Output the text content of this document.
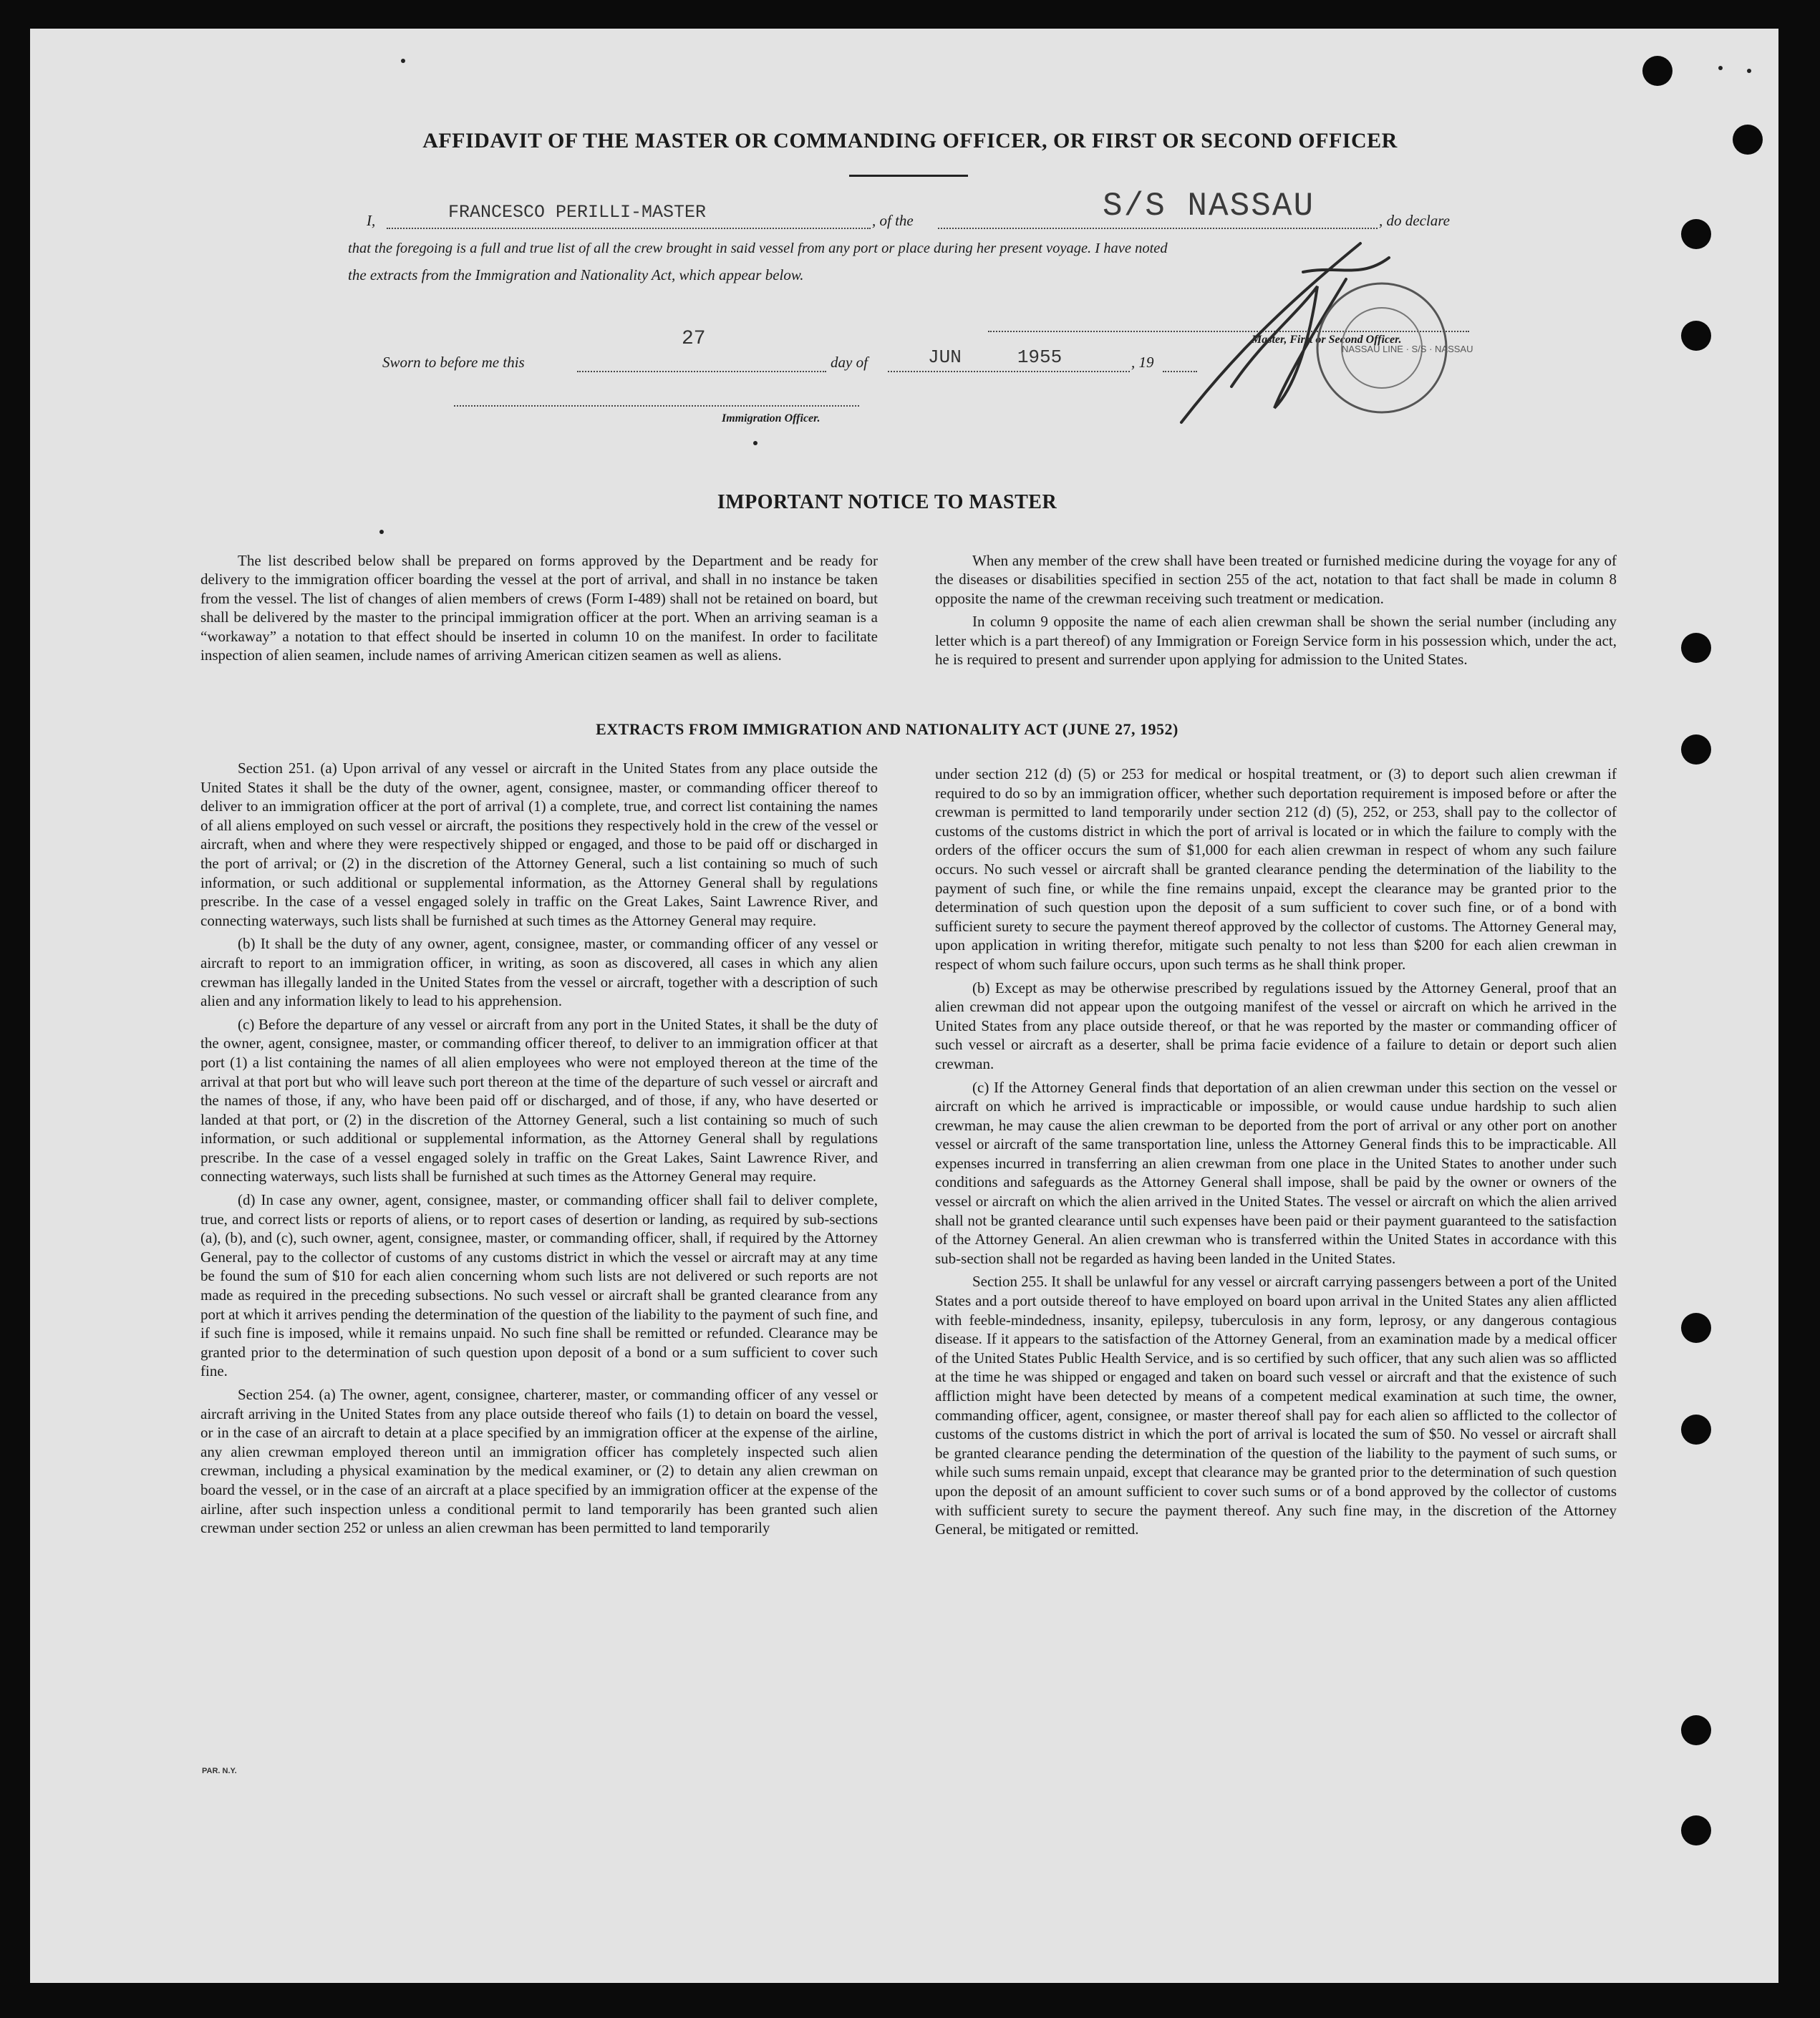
AFFIDAVIT OF THE MASTER OR COMMANDING OFFICER, OR FIRST OR SECOND OFFICER
I,	FRANCESCO PERILLI-MASTER	, of the	S/S NASSAU	, do declare
that the foregoing is a full and true list of all the crew brought in said vessel from any port or place during her present voyage. I have noted
the extracts from the Immigration and Nationality Act, which appear below.
Sworn to before me this
27
day of	JUN     1955	, 19
Master, First or Second Officer.
Immigration Officer.
NASSAU LINE · S/S · NASSAU
IMPORTANT NOTICE TO MASTER

The list described below shall be prepared on forms approved by the Department and be ready for delivery to the immigration officer boarding the vessel at the port of arrival, and shall in no instance be taken from the vessel. The list of changes of alien members of crews (Form I-489) shall not be retained on board, but shall be delivered by the master to the principal immigration officer at the port. When an arriving seaman is a “workaway” a notation to that effect should be inserted in column 10 on the manifest. In order to facilitate inspection of alien seamen, include names of arriving American citizen seamen as well as aliens.

When any member of the crew shall have been treated or furnished medicine during the voyage for any of the diseases or disabilities specified in section 255 of the act, notation to that fact shall be made in column 8 opposite the name of the crewman receiving such treatment or medication.

In column 9 opposite the name of each alien crewman shall be shown the serial number (including any letter which is a part thereof) of any Immigration or Foreign Service form in his possession which, under the act, he is required to present and surrender upon applying for admission to the United States.

EXTRACTS FROM IMMIGRATION AND NATIONALITY ACT (JUNE 27, 1952)

Section 251. (a) Upon arrival of any vessel or aircraft in the United States from any place outside the United States it shall be the duty of the owner, agent, consignee, master, or commanding officer thereof to deliver to an immigration officer at the port of arrival (1) a complete, true, and correct list containing the names of all aliens employed on such vessel or aircraft, the positions they respectively hold in the crew of the vessel or aircraft, when and where they were respectively shipped or engaged, and those to be paid off or discharged in the port of arrival; or (2) in the discretion of the Attorney General, such a list containing so much of such information, or such additional or supplemental information, as the Attorney General shall by regulations prescribe. In the case of a vessel engaged solely in traffic on the Great Lakes, Saint Lawrence River, and connecting waterways, such lists shall be furnished at such times as the Attorney General may require.

(b) It shall be the duty of any owner, agent, consignee, master, or commanding officer of any vessel or aircraft to report to an immigration officer, in writing, as soon as discovered, all cases in which any alien crewman has illegally landed in the United States from the vessel or aircraft, together with a description of such alien and any information likely to lead to his apprehension.

(c) Before the departure of any vessel or aircraft from any port in the United States, it shall be the duty of the owner, agent, consignee, master, or commanding officer thereof, to deliver to an immigration officer at that port (1) a list containing the names of all alien employees who were not employed thereon at the time of the arrival at that port but who will leave such port thereon at the time of the departure of such vessel or aircraft and the names of those, if any, who have been paid off or discharged, and of those, if any, who have deserted or landed at that port, or (2) in the discretion of the Attorney General, such a list containing so much of such information, or such additional or supplemental information, as the Attorney General shall by regulations prescribe. In the case of a vessel engaged solely in traffic on the Great Lakes, Saint Lawrence River, and connecting waterways, such lists shall be furnished at such times as the Attorney General may require.

(d) In case any owner, agent, consignee, master, or commanding officer shall fail to deliver complete, true, and correct lists or reports of aliens, or to report cases of desertion or landing, as required by sub-sections (a), (b), and (c), such owner, agent, consignee, master, or commanding officer, shall, if required by the Attorney General, pay to the collector of customs of any customs district in which the vessel or aircraft may at any time be found the sum of $10 for each alien concerning whom such lists are not delivered or such reports are not made as required in the preceding subsections. No such vessel or aircraft shall be granted clearance from any port at which it arrives pending the determination of the question of the liability to the payment of such fine, and if such fine is imposed, while it remains unpaid. No such fine shall be remitted or refunded. Clearance may be granted prior to the determination of such question upon deposit of a bond or a sum sufficient to cover such fine.

Section 254. (a) The owner, agent, consignee, charterer, master, or commanding officer of any vessel or aircraft arriving in the United States from any place outside thereof who fails (1) to detain on board the vessel, or in the case of an aircraft to detain at a place specified by an immigration officer at the expense of the airline, any alien crewman employed thereon until an immigration officer has completely inspected such alien crewman, including a physical examination by the medical examiner, or (2) to detain any alien crewman on board the vessel, or in the case of an aircraft at a place specified by an immigration officer at the expense of the airline, after such inspection unless a conditional permit to land temporarily has been granted such alien crewman under section 252 or unless an alien crewman has been permitted to land temporarily

under section 212 (d) (5) or 253 for medical or hospital treatment, or (3) to deport such alien crewman if required to do so by an immigration officer, whether such deportation requirement is imposed before or after the crewman is permitted to land temporarily under section 212 (d) (5), 252, or 253, shall pay to the collector of customs of the customs district in which the port of arrival is located or in which the failure to comply with the orders of the officer occurs the sum of $1,000 for each alien crewman in respect of whom any such failure occurs. No such vessel or aircraft shall be granted clearance pending the determination of the liability to the payment of such fine, or while the fine remains unpaid, except the clearance may be granted prior to the determination of such question upon the deposit of a sum sufficient to cover such fine, or of a bond with sufficient surety to secure the payment thereof approved by the collector of customs. The Attorney General may, upon application in writing therefor, mitigate such penalty to not less than $200 for each alien crewman in respect of whom such failure occurs, upon such terms as he shall think proper.

(b) Except as may be otherwise prescribed by regulations issued by the Attorney General, proof that an alien crewman did not appear upon the outgoing manifest of the vessel or aircraft on which he arrived in the United States from any place outside thereof, or that he was reported by the master or commanding officer of such vessel or aircraft as a deserter, shall be prima facie evidence of a failure to detain or deport such alien crewman.

(c) If the Attorney General finds that deportation of an alien crewman under this section on the vessel or aircraft on which he arrived is impracticable or impossible, or would cause undue hardship to such alien crewman, he may cause the alien crewman to be deported from the port of arrival or any other port on another vessel or aircraft of the same transportation line, unless the Attorney General finds this to be impracticable. All expenses incurred in transferring an alien crewman from one place in the United States to another under such conditions and safeguards as the Attorney General shall impose, shall be paid by the owner or owners of the vessel or aircraft on which the alien arrived in the United States. The vessel or aircraft on which the alien arrived shall not be granted clearance until such expenses have been paid or their payment guaranteed to the satisfaction of the Attorney General. An alien crewman who is transferred within the United States in accordance with this sub-section shall not be regarded as having been landed in the United States.

Section 255. It shall be unlawful for any vessel or aircraft carrying passengers between a port of the United States and a port outside thereof to have employed on board upon arrival in the United States any alien afflicted with feeble-mindedness, insanity, epilepsy, tuberculosis in any form, leprosy, or any dangerous contagious disease. If it appears to the satisfaction of the Attorney General, from an examination made by a medical officer of the United States Public Health Service, and is so certified by such officer, that any such alien was so afflicted at the time he was shipped or engaged and taken on board such vessel or aircraft and that the existence of such affliction might have been detected by means of a competent medical examination at such time, the owner, commanding officer, agent, consignee, or master thereof shall pay for each alien so afflicted to the collector of customs of the customs district in which the port of arrival is located the sum of $50. No vessel or aircraft shall be granted clearance pending the determination of the question of the liability to the payment of such sums, or while such sums remain unpaid, except that clearance may be granted prior to the determination of such question upon the deposit of an amount sufficient to cover such sums or of a bond approved by the collector of customs with sufficient surety to secure the payment thereof. Any such fine may, in the discretion of the Attorney General, be mitigated or remitted.

PAR. N.Y.
